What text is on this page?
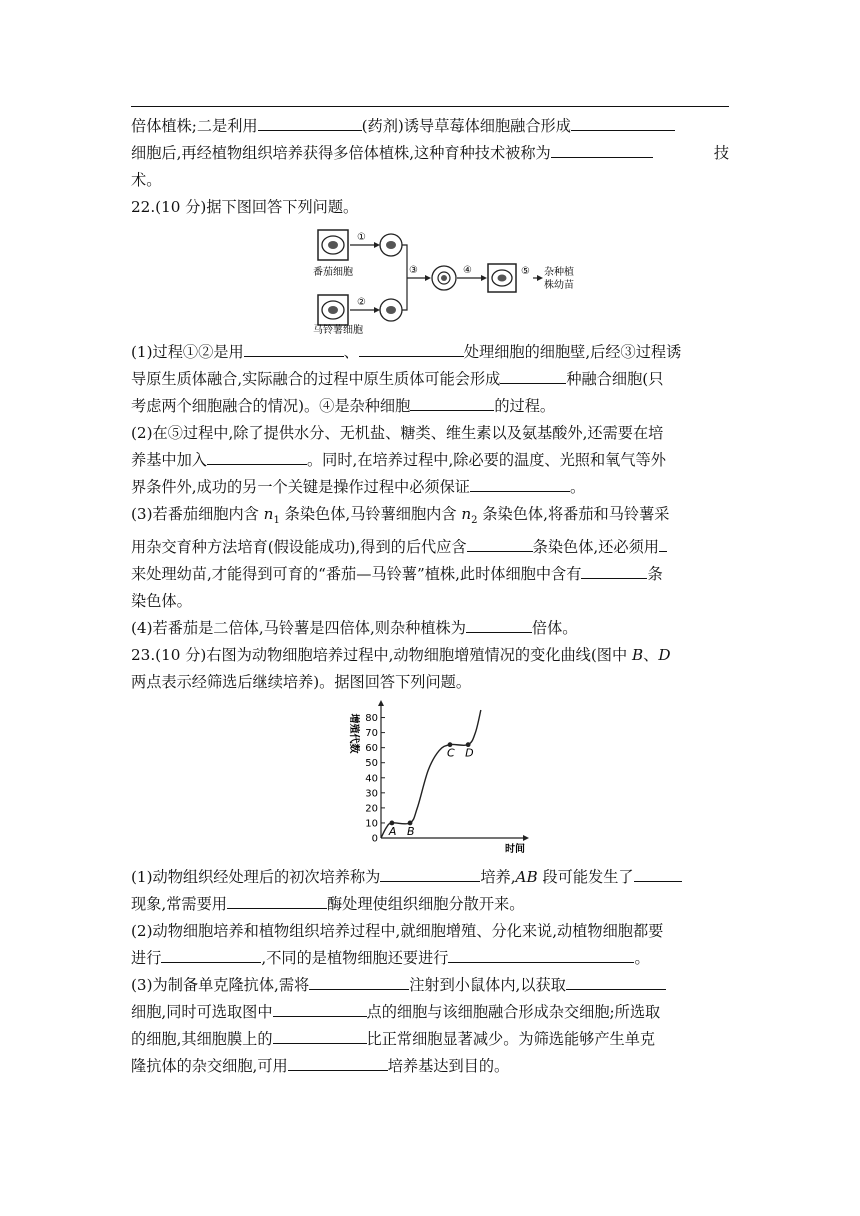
倍体植株;二是利用	(药剂)诱导草莓体细胞融合形成

细胞后,再经植物组织培养获得多倍体植株,这种育种技术被称为	技

术。

22.(10 分)据下图回答下列问题。

番茄细胞
①
马铃薯细胞
②
③	④	⑤ 杂种植
株幼苗

(1)过程①②是用	、	处理细胞的细胞壁,后经③过程诱

导原生质体融合,实际融合的过程中原生质体可能会形成	种融合细胞(只

考虑两个细胞融合的情况)。④是杂种细胞	的过程。

(2)在⑤过程中,除了提供水分、无机盐、糖类、维生素以及氨基酸外,还需要在培

养基中加入	。同时,在培养过程中,除必要的温度、光照和氧气等外

界条件外,成功的另一个关键是操作过程中必须保证	。

(3)若番茄细胞内含 $n_1$ 条染色体,马铃薯细胞内含 $n_2$ 条染色体,将番茄和马铃薯采

用杂交育种方法培育(假设能成功),得到的后代应含	条染色体,还必须用

来处理幼苗,才能得到可育的“番茄—马铃薯”植株,此时体细胞中含有	条

染色体。

(4)若番茄是二倍体,马铃薯是四倍体,则杂种植株为	倍体。

23.(10 分)右图为动物细胞培养过程中,动物细胞增殖情况的变化曲线(图中 B、D

两点表示经筛选后继续培养)。据图回答下列问题。

0
10
20
30
40
50
60
70
80
增殖代数
时间
A B
C D

(1)动物组织经处理后的初次培养称为	培养,AB 段可能发生了

现象,常需要用	酶处理使组织细胞分散开来。

(2)动物细胞培养和植物组织培养过程中,就细胞增殖、分化来说,动植物细胞都要

进行	,不同的是植物细胞还要进行	。

(3)为制备单克隆抗体,需将	注射到小鼠体内,以获取

细胞,同时可选取图中	点的细胞与该细胞融合形成杂交细胞;所选取

的细胞,其细胞膜上的	比正常细胞显著减少。为筛选能够产生单克

隆抗体的杂交细胞,可用	培养基达到目的。
